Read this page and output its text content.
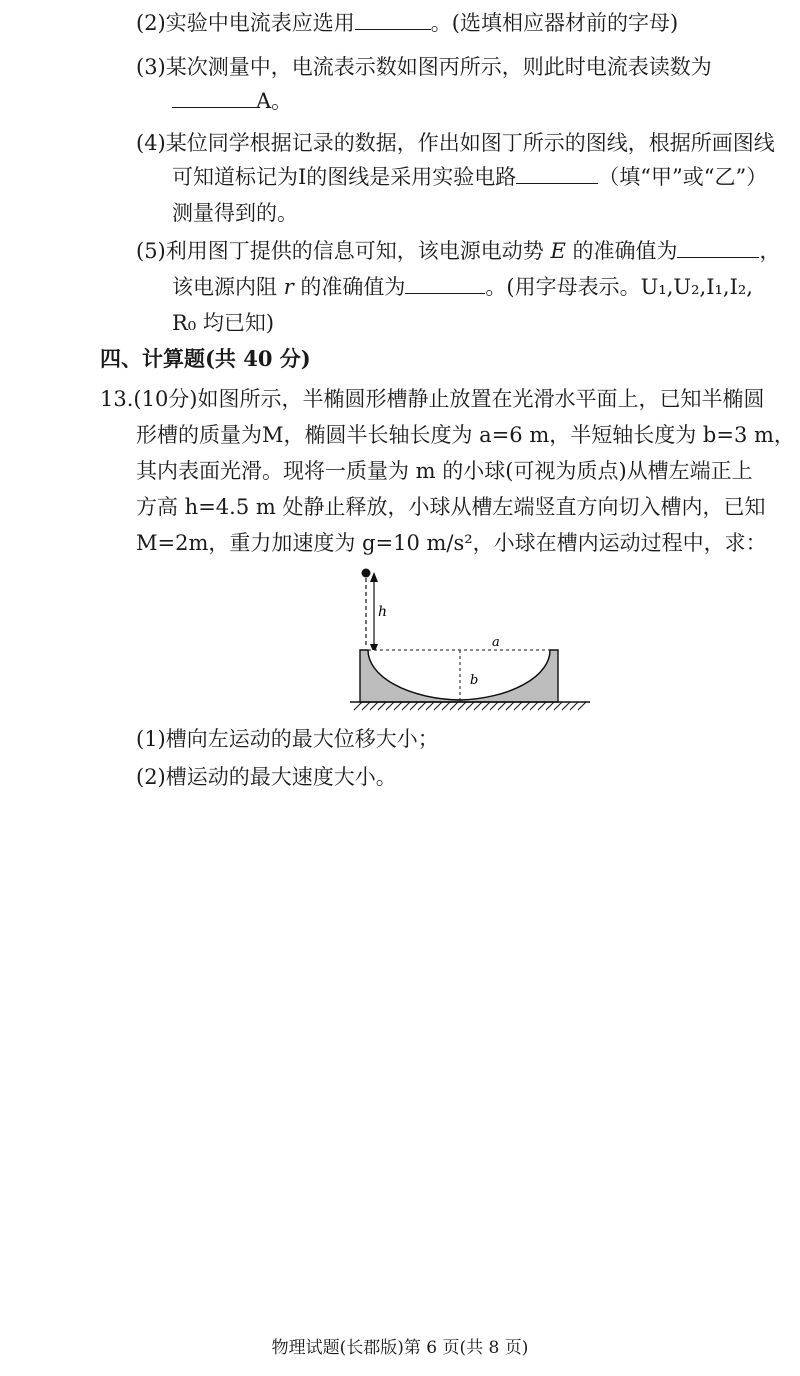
(2)实验中电流表应选用	。(选填相应器材前的字母)
(3)某次测量中，电流表示数如图丙所示，则此时电流表读数为
A。
(4)某位同学根据记录的数据，作出如图丁所示的图线，根据所画图线
可知道标记为Ⅰ的图线是采用实验电路	（填“甲”或“乙”）
测量得到的。
(5)利用图丁提供的信息可知，该电源电动势 E 的准确值为	，
该电源内阻 r 的准确值为	。(用字母表示。U₁,U₂,I₁,I₂,
R₀ 均已知)
四、计算题(共 40 分)
13.(10分)如图所示，半椭圆形槽静止放置在光滑水平面上，已知半椭圆
形槽的质量为M，椭圆半长轴长度为 a=6 m，半短轴长度为 b=3 m，
其内表面光滑。现将一质量为 m 的小球(可视为质点)从槽左端正上
方高 h=4.5 m 处静止释放，小球从槽左端竖直方向切入槽内，已知
M=2m，重力加速度为 g=10 m/s²，小球在槽内运动过程中，求：
h
a
b
(1)槽向左运动的最大位移大小；
(2)槽运动的最大速度大小。
物理试题(长郡版)第 6 页(共 8 页)
